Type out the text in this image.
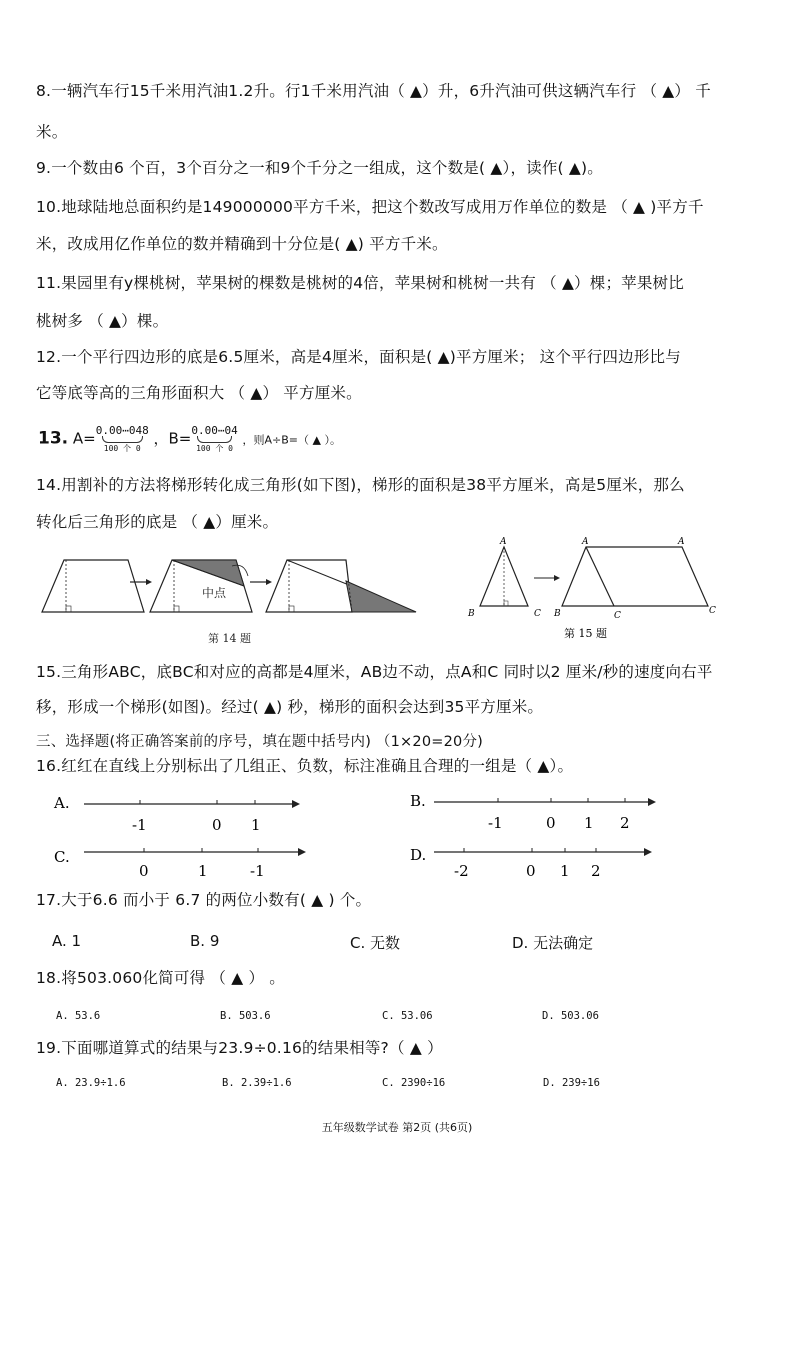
8.一辆汽车行15千米用汽油1.2升。行1千米用汽油（ ▲）升，6升汽油可供这辆汽车行 （ ▲） 千
米。
9.一个数由6 个百，3个百分之一和9个千分之一组成，这个数是( ▲），读作( ▲)。
10.地球陆地总面积约是149000000平方千米，把这个数改写成用万作单位的数是 （ ▲ )平方千
米，改成用亿作单位的数并精确到十分位是( ▲) 平方千米。
11.果园里有y棵桃树，苹果树的棵数是桃树的4倍，苹果树和桃树一共有 （ ▲）棵；苹果树比
桃树多 （ ▲）棵。
12.一个平行四边形的底是6.5厘米，高是4厘米，面积是( ▲)平方厘米； 这个平行四边形比与
它等底等高的三角形面积大 （ ▲） 平方厘米。
13. A= 0.00⋯048
100 个 0
，B= 0.00⋯04
100 个 0
，则A÷B=（ ▲ ）。
14.用割补的方法将梯形转化成三角形(如下图)，梯形的面积是38平方厘米，高是5厘米，那么
转化后三角形的底是 （ ▲）厘米。
中点
第 14 题
A
B	C
A	A
B	C	C
第 15 题
15.三角形ABC，底BC和对应的高都是4厘米，AB边不动，点A和C 同时以2 厘米/秒的速度向右平
移，形成一个梯形(如图)。经过( ▲) 秒，梯形的面积会达到35平方厘米。
三、选择题(将正确答案前的序号，填在题中括号内) （1×20=20分)
16.红红在直线上分别标出了几组正、负数，标注准确且合理的一组是（ ▲）。
A.
-1	0 1
B.
-1	0 1 2
C.
0	1	-1
D.
-2	0 1 2
17.大于6.6 而小于 6.7 的两位小数有( ▲ ) 个。
A. 1	B. 9	C. 无数	D. 无法确定
18.将503.060化简可得 （ ▲ ） 。
A. 53.6	B. 503.6	C. 53.06	D. 503.06
19.下面哪道算式的结果与23.9÷0.16的结果相等?（ ▲ ）
A. 23.9÷1.6	B. 2.39÷1.6	C. 2390÷16	D. 239÷16
五年级数学试卷 第2页 (共6页)
